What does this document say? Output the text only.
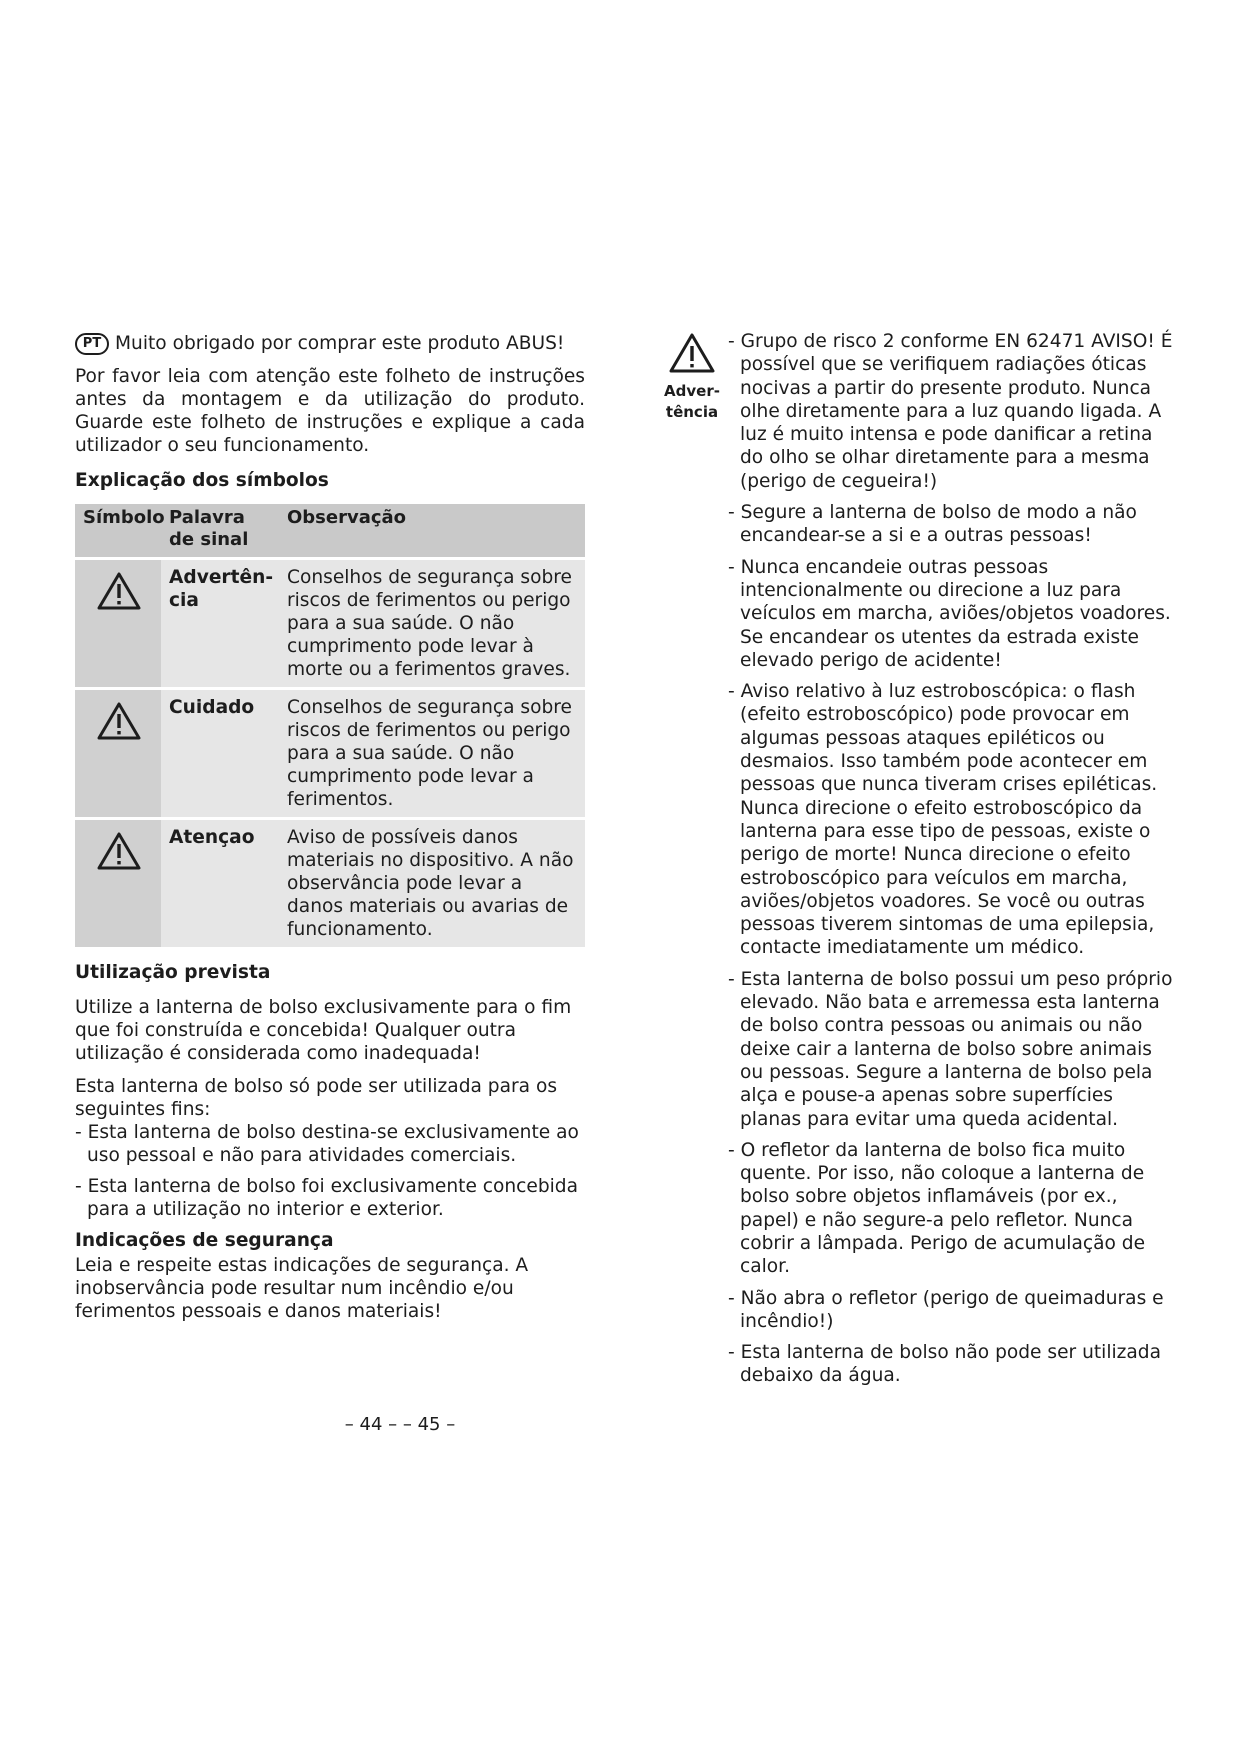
PT Muito obrigado por comprar este produto ABUS!

Por favor leia com atenção este folheto de instruções antes da montagem e da utilização do produto. Guarde este folheto de instruções e explique a cada utilizador o seu funcionamento.

Explicação dos símbolos
Símbolo	Palavra de sinal	Observação

	Advertên-cia	Conselhos de segurança sobre riscos de ferimentos ou perigo para a sua saúde. O não cumprimento pode levar à morte ou a ferimentos graves.

	Cuidado	Conselhos de segurança sobre riscos de ferimentos ou perigo para a sua saúde. O não cumprimento pode levar a ferimentos.

	Atençao	Aviso de possíveis danos materiais no dispositivo. A não observância pode levar a danos materiais ou avarias de funcionamento.
Utilização prevista

Utilize a lanterna de bolso exclusivamente para o fim que foi construída e concebida! Qualquer outra utilização é considerada como inadequada!

Esta lanterna de bolso só pode ser utilizada para os seguintes fins:

- Esta lanterna de bolso destina-se exclusivamente ao uso pessoal e não para atividades comerciais.

- Esta lanterna de bolso foi exclusivamente concebida para a utilização no interior e exterior.

Indicações de segurança

Leia e respeite estas indicações de segurança. A inobservância pode resultar num incêndio e/ou ferimentos pessoais e danos materiais!

Adver-tência

- Grupo de risco 2 conforme EN 62471 AVISO! É possível que se verifiquem radiações óticas nocivas a partir do presente produto. Nunca olhe diretamente para a luz quando ligada. A luz é muito intensa e pode danificar a retina do olho se olhar diretamente para a mesma (perigo de cegueira!)

- Segure a lanterna de bolso de modo a não encandear-se a si e a outras pessoas!

- Nunca encandeie outras pessoas intencionalmente ou direcione a luz para veículos em marcha, aviões/objetos voadores. Se encandear os utentes da estrada existe elevado perigo de acidente!

- Aviso relativo à luz estroboscópica: o flash (efeito estroboscópico) pode provocar em algumas pessoas ataques epiléticos ou desmaios. Isso também pode acontecer em pessoas que nunca tiveram crises epiléticas. Nunca direcione o efeito estroboscópico da lanterna para esse tipo de pessoas, existe o perigo de morte! Nunca direcione o efeito estroboscópico para veículos em marcha, aviões/objetos voadores. Se você ou outras pessoas tiverem sintomas de uma epilepsia, contacte imediatamente um médico.

- Esta lanterna de bolso possui um peso próprio elevado. Não bata e arremessa esta lanterna de bolso contra pessoas ou animais ou não deixe cair a lanterna de bolso sobre animais ou pessoas. Segure a lanterna de bolso pela alça e pouse-a apenas sobre superfícies planas para evitar uma queda acidental.

- O refletor da lanterna de bolso fica muito quente. Por isso, não coloque a lanterna de bolso sobre objetos inflamáveis (por ex., papel) e não segure-a pelo refletor. Nunca cobrir a lâmpada. Perigo de acumulação de calor.

- Não abra o refletor (perigo de queimaduras e incêndio!)

- Esta lanterna de bolso não pode ser utilizada debaixo da água.

– 44 – – 45 –
